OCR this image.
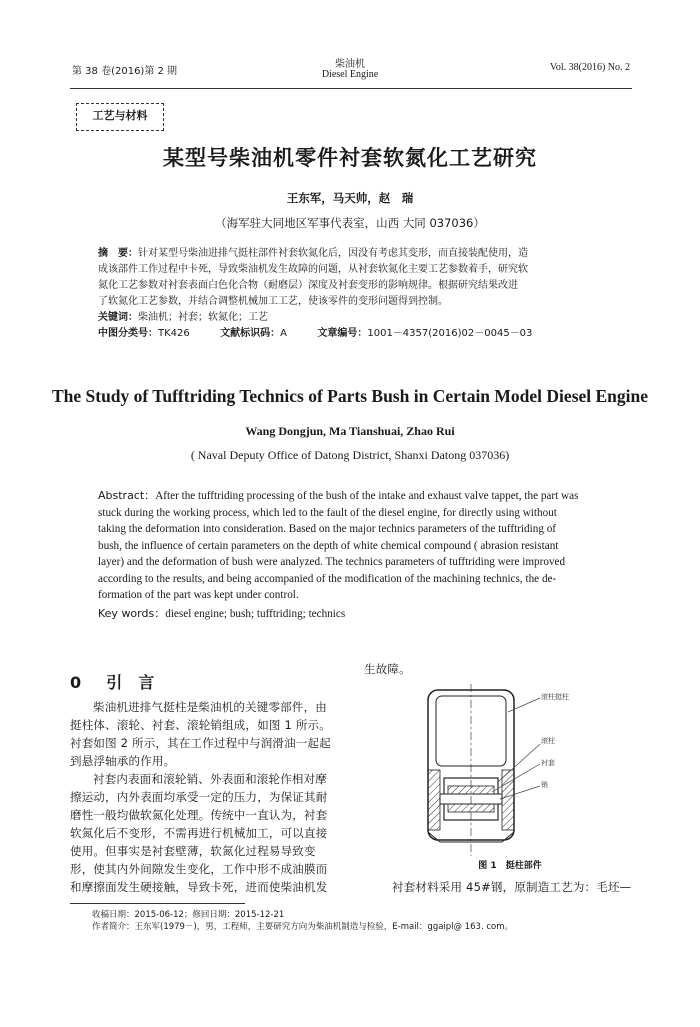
第 38 卷(2016)第 2 期
柴油机
Diesel Engine
Vol. 38(2016) No. 2
工艺与材料
某型号柴油机零件衬套软氮化工艺研究
王东军，马天帅，赵　瑞
（海军驻大同地区军事代表室，山西 大同 037036）
摘　要：针对某型号柴油进排气挺柱部件衬套软氮化后，因没有考虑其变形，而直接装配使用，造
成该部件工作过程中卡死，导致柴油机发生故障的问题，从衬套软氮化主要工艺参数着手，研究软
氮化工艺参数对衬套表面白色化合物（耐磨层）深度及衬套变形的影响规律。根据研究结果改进
了软氮化工艺参数，并结合调整机械加工工艺，使该零件的变形问题得到控制。
关键词：柴油机；衬套；软氮化；工艺
中图分类号：TK426	文献标识码：A	文章编号：1001－4357(2016)02－0045－03
The Study of Tufftriding Technics of Parts Bush in Certain Model Diesel Engine
Wang Dongjun, Ma Tianshuai, Zhao Rui
( Naval Deputy Office of Datong District, Shanxi Datong 037036)
Abstract：After the tufftriding processing of the bush of the intake and exhaust valve tappet, the part was
stuck during the working process, which led to the fault of the diesel engine, for directly using without
taking the deformation into consideration. Based on the major technics parameters of the tufftriding of
bush, the influence of certain parameters on the depth of white chemical compound ( abrasion resistant
layer) and the deformation of bush were analyzed. The technics parameters of tufftriding were improved
according to the results, and being accompanied of the modification of the machining technics, the de-
formation of the part was kept under control.
Key words：diesel engine; bush; tufftriding; technics
0 引　言
柴油机进排气挺柱是柴油机的关键零部件，由
挺柱体、滚轮、衬套、滚轮销组成，如图 1 所示。
衬套如图 2 所示，其在工作过程中与润滑油一起起
到悬浮轴承的作用。
衬套内表面和滚轮销、外表面和滚轮作相对摩
擦运动，内外表面均承受一定的压力，为保证其耐
磨性一般均做软氮化处理。传统中一直认为，衬套
软氮化后不变形，不需再进行机械加工，可以直接
使用。但事实是衬套壁薄，软氮化过程易导致变
形，使其内外间隙发生变化，工作中形不成油膜而
和摩擦面发生硬接触，导致卡死，进而使柴油机发
生故障。
滚柱挺柱
滚柱
衬套
销
图 1　挺柱部件
衬套材料采用 45#钢，原制造工艺为：毛坯—
收稿日期：2015-06-12；修回日期：2015-12-21
作者简介：王东军(1979－)，男，工程师，主要研究方向为柴油机制造与检验，E-mail：ggaipl@ 163. com。
